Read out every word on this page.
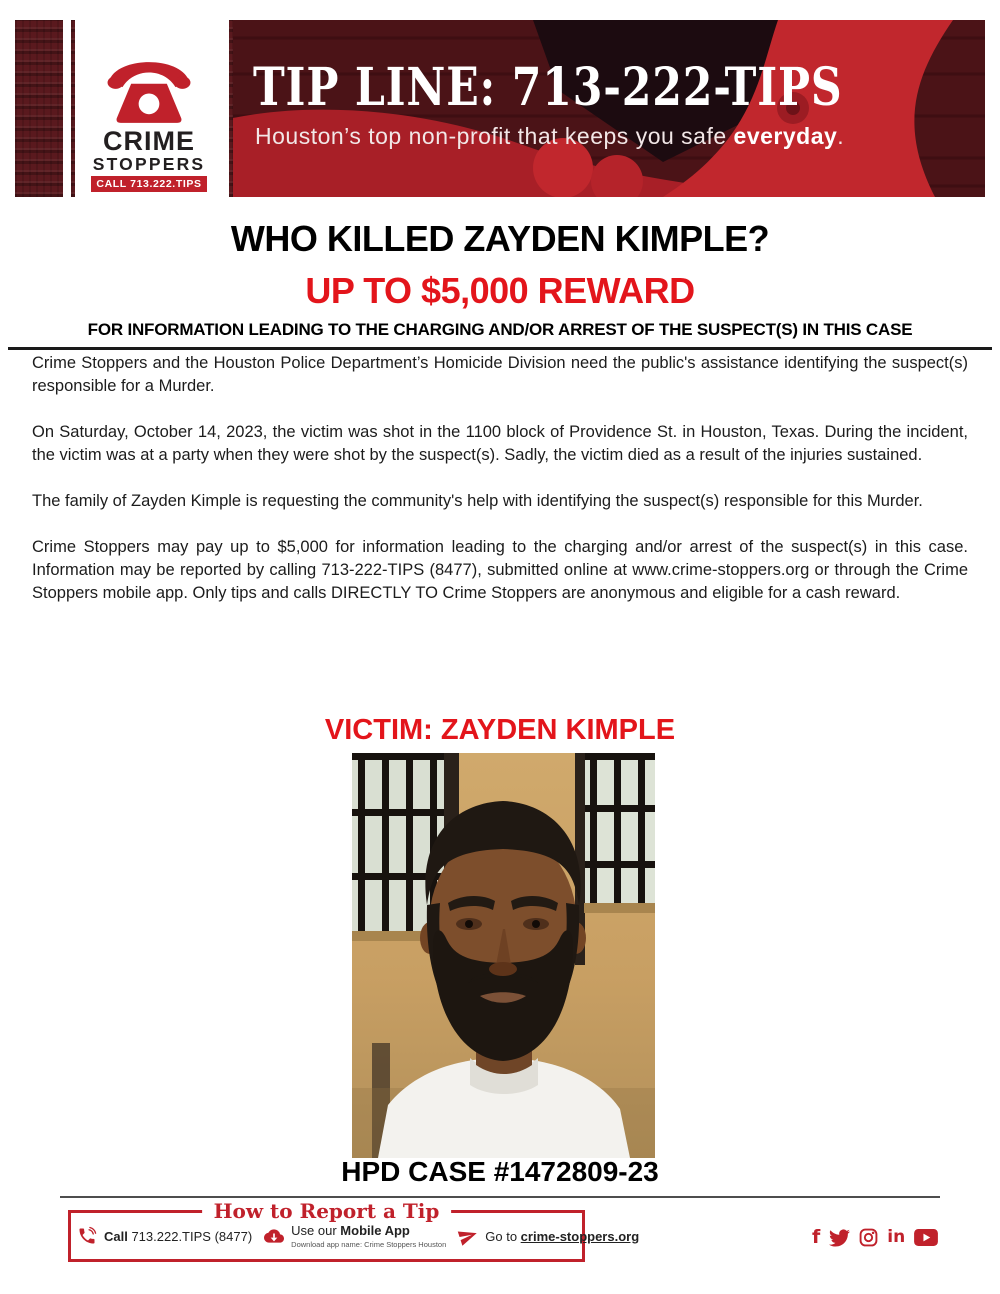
CRIME
STOPPERS
CALL 713.222.TIPS
TIP LINE: 713-222-TIPS
Houston’s top non-profit that keeps you safe everyday.
WHO KILLED ZAYDEN KIMPLE?
UP TO $5,000 REWARD
FOR INFORMATION LEADING TO THE CHARGING AND/OR ARREST OF THE SUSPECT(S) IN THIS CASE

Crime Stoppers and the Houston Police Department’s Homicide Division need the public's assistance identifying the suspect(s) responsible for a Murder.

On Saturday, October 14, 2023, the victim was shot in the 1100 block of Providence St. in Houston, Texas. During the incident, the victim was at a party when they were shot by the suspect(s). Sadly, the victim died as a result of the injuries sustained.

The family of Zayden Kimple is requesting the community's help with identifying the suspect(s) responsible for this Murder.

Crime Stoppers may pay up to $5,000 for information leading to the charging and/or arrest of the suspect(s) in this case. Information may be reported by calling 713-222-TIPS (8477), submitted online at www.crime-stoppers.org or through the Crime Stoppers mobile app. Only tips and calls DIRECTLY TO Crime Stoppers are anonymous and eligible for a cash reward.

VICTIM: ZAYDEN KIMPLE
HPD CASE #1472809-23
How to Report a Tip
Call 713.222.TIPS (8477)	Use our Mobile App
Download app name: Crime Stoppers Houston
Go to crime-stoppers.org	f	in
